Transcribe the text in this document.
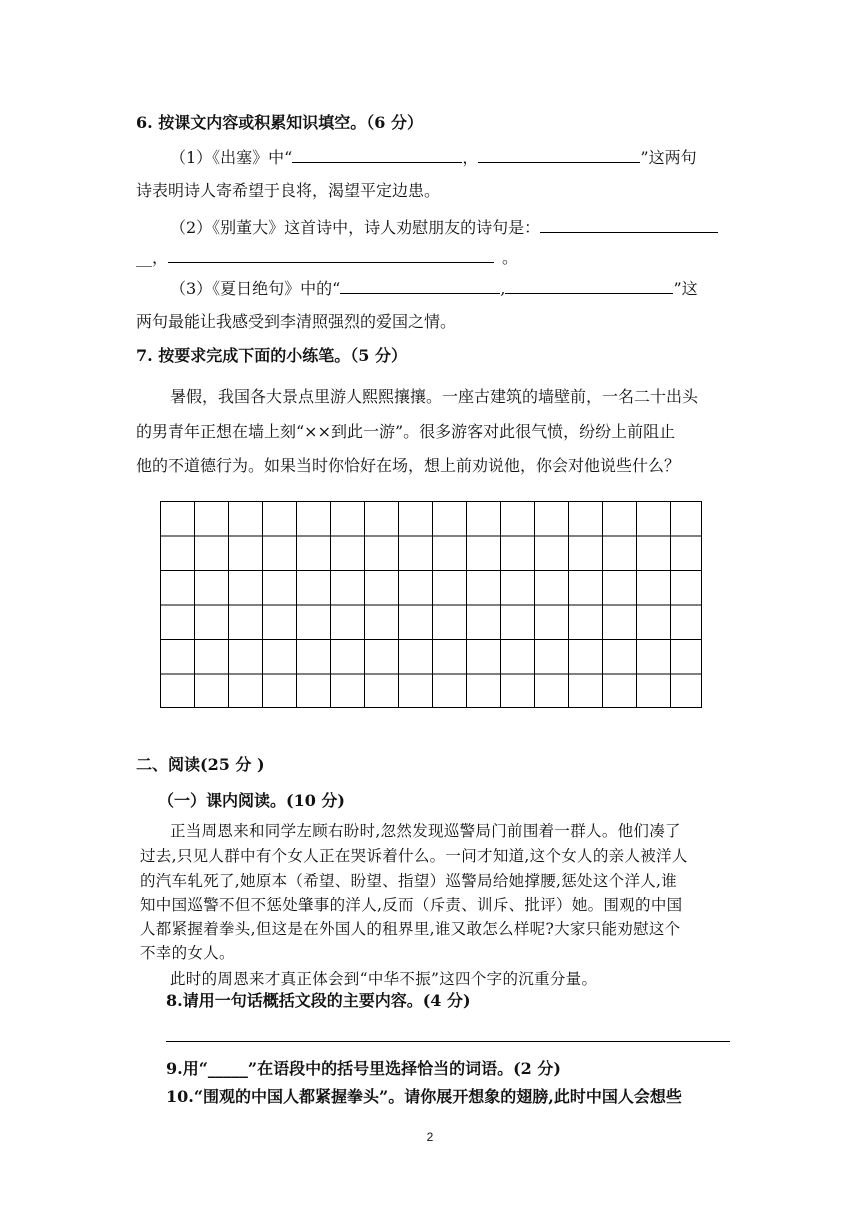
6. 按课文内容或积累知识填空。（6 分）
（1）《出塞》中“	，	”这两句
诗表明诗人寄希望于良将，渴望平定边患。
（2）《别董大》这首诗中，诗人劝慰朋友的诗句是：
__，	。
（3）《夏日绝句》中的“	,	”这
两句最能让我感受到李清照强烈的爱国之情。
7. 按要求完成下面的小练笔。（5 分）
暑假，我国各大景点里游人熙熙攘攘。一座古建筑的墙壁前，一名二十出头
的男青年正想在墙上刻“××到此一游”。很多游客对此很气愤，纷纷上前阻止
他的不道德行为。如果当时你恰好在场，想上前劝说他，你会对他说些什么？
二、阅读(25 分 )
（一）课内阅读。(10 分)
正当周恩来和同学左顾右盼时,忽然发现巡警局门前围着一群人。他们凑了
过去,只见人群中有个女人正在哭诉着什么。一问才知道,这个女人的亲人被洋人
的汽车轧死了,她原本（希望、盼望、指望）巡警局给她撑腰,惩处这个洋人,谁
知中国巡警不但不惩处肇事的洋人,反而（斥责、训斥、批评）她。围观的中国
人都紧握着拳头,但这是在外国人的租界里,谁又敢怎么样呢?大家只能劝慰这个
不幸的女人。
此时的周恩来才真正体会到“中华不振”这四个字的沉重分量。
8.请用一句话概括文段的主要内容。(4 分)
9.用“_____”在语段中的括号里选择恰当的词语。(2 分)
10.“围观的中国人都紧握拳头”。请你展开想象的翅膀,此时中国人会想些
2
